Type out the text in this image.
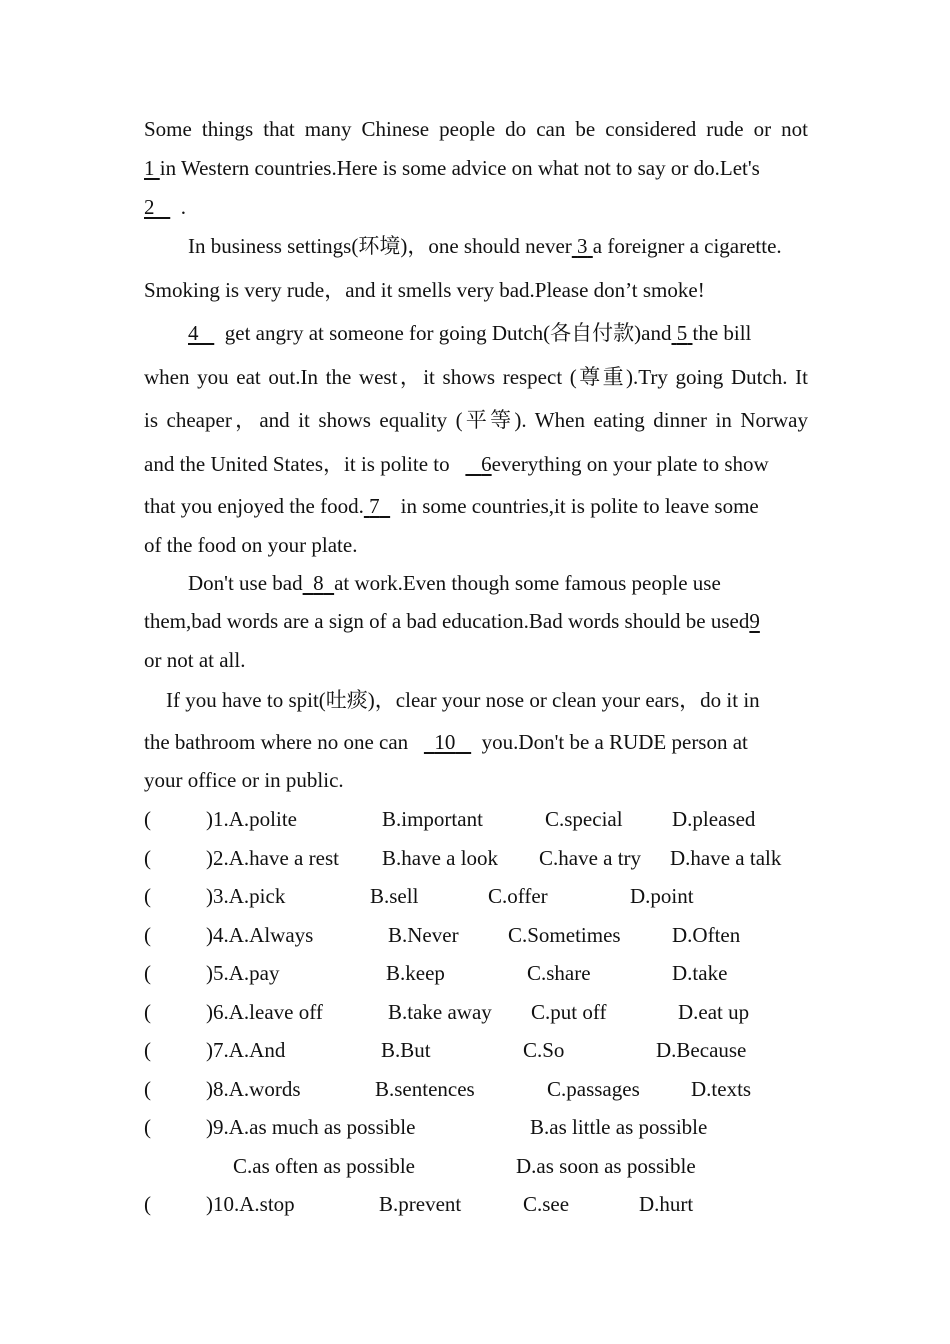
Some things that many Chinese people do can be considered rude or not
1 in Western countries.Here is some advice on what not to say or do.Let's
2 .
In business settings(环境)，one should never 3 a foreigner a cigarette.
Smoking is very rude，and it smells very bad.Please don’t smoke!
4 get angry at someone for going Dutch(各自付款)and 5 the bill
when you eat out.In the west，it shows respect (尊重).Try going Dutch. It
is cheaper，and it shows equality (平等). When eating dinner in Norway
and the United States，it is polite to 6everything on your plate to show
that you enjoyed the food. 7 in some countries,it is polite to leave some
of the food on your plate.
Don't use bad 8 at work.Even though some famous people use
them,bad words are a sign of a bad education.Bad words should be used9
or not at all.
If you have to spit(吐痰)，clear your nose or clean your ears，do it in
the bathroom where no one can 10 you.Don't be a RUDE person at
your office or in public.
(	)1.A.polite	B.important	C.special D.pleased
(	)2.A.have a rest B.have a look C.have a try D.have a talk
(	)3.A.pick	B.sell	C.offer	D.point
(	)4.A.Always	B.Never C.Sometimes D.Often
(	)5.A.pay	B.keep	C.share	D.take
(	)6.A.leave off	B.take away C.put off	D.eat up
(	)7.A.And	B.But	C.So	D.Because
(	)8.A.words	B.sentences	C.passages D.texts
(	)9.A.as much as possible	B.as little as possible
C.as often as possible	D.as soon as possible
(	)10.A.stop	B.prevent	C.see	D.hurt
